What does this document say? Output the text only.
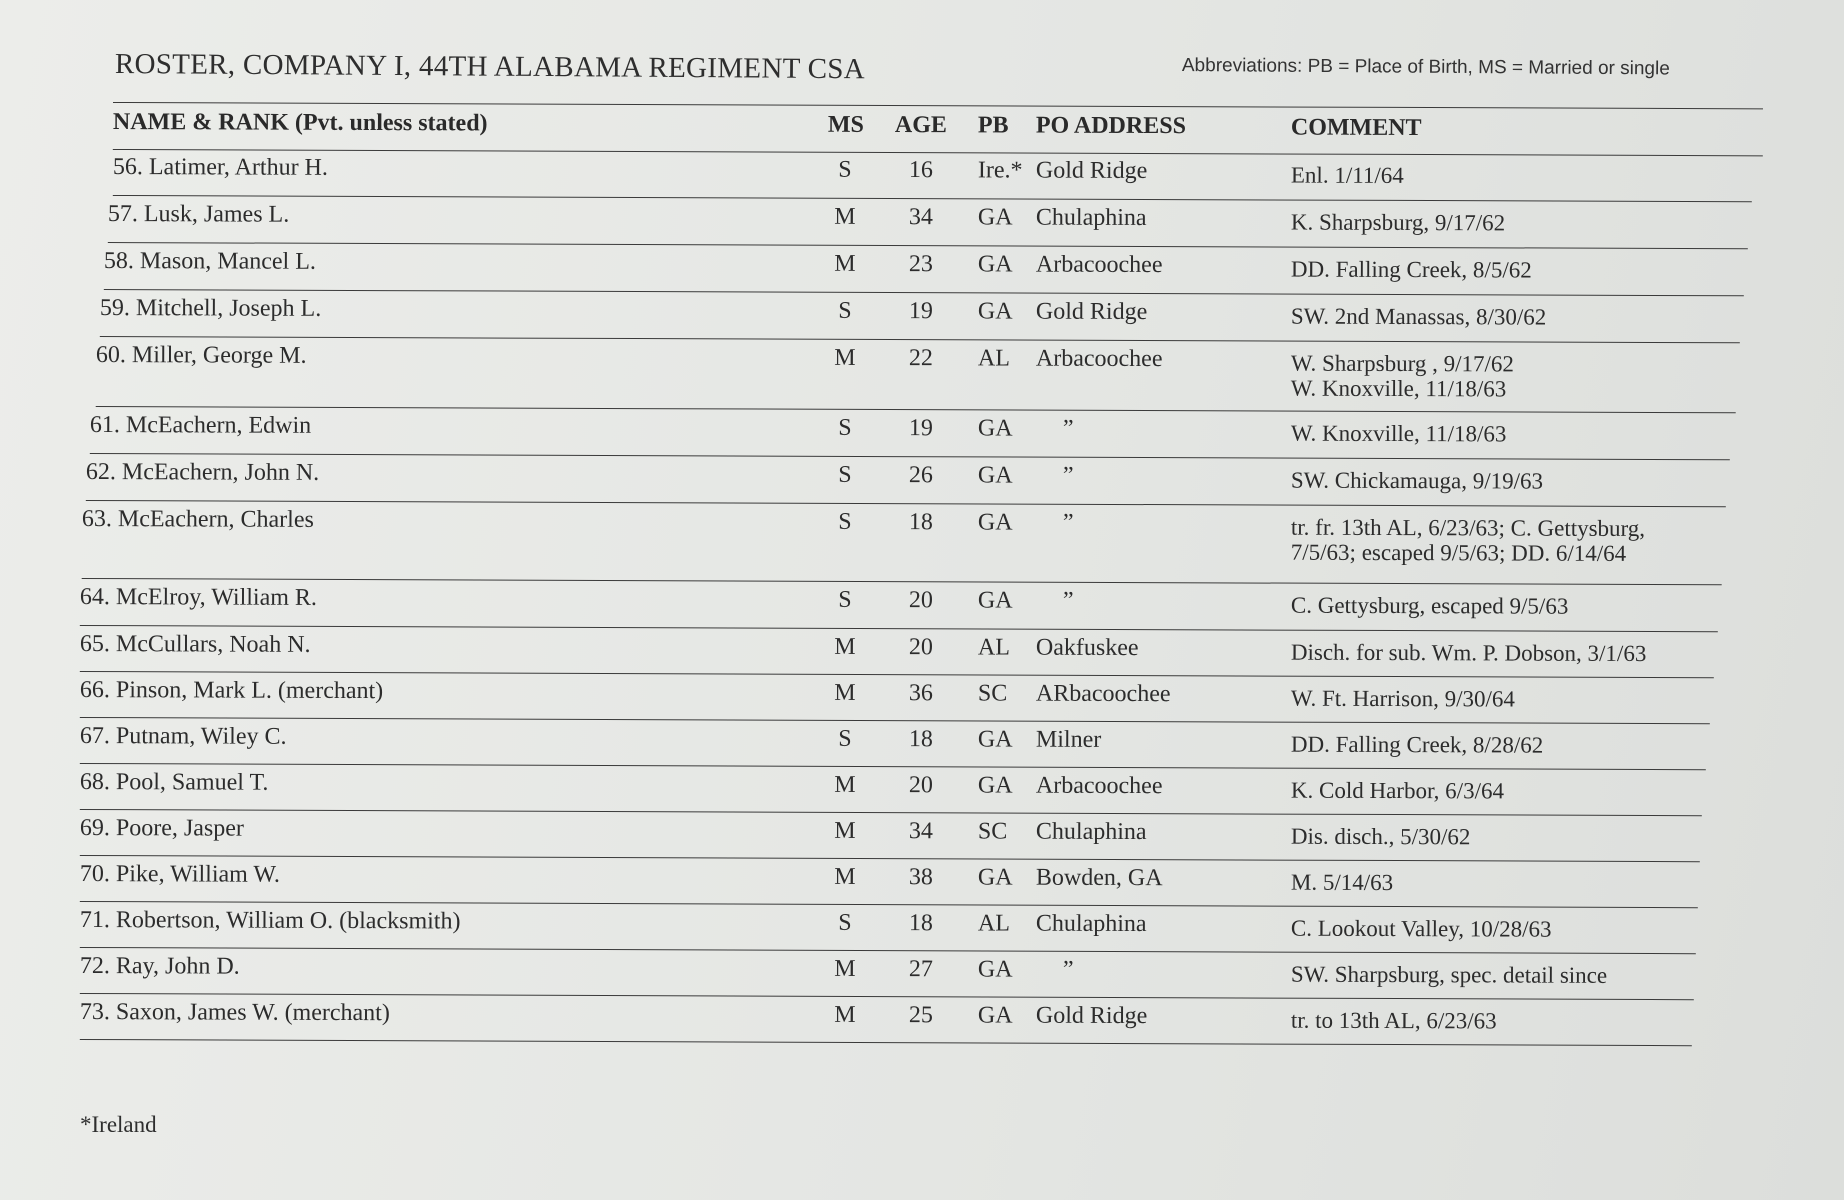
ROSTER, COMPANY I, 44TH ALABAMA REGIMENT CSA	Abbreviations: PB = Place of Birth, MS = Married or single
NAME & RANK (Pvt. unless stated)	MS AGE PB PO ADDRESS	COMMENT
56. Latimer, Arthur H.	S	16	Ire.* Gold Ridge	Enl. 1/11/64
57. Lusk, James L.	M	34	GA Chulaphina	K. Sharpsburg, 9/17/62
58. Mason, Mancel L.	M	23	GA Arbacoochee	DD. Falling Creek, 8/5/62
59. Mitchell, Joseph L.	S	19	GA Gold Ridge	SW. 2nd Manassas, 8/30/62
60. Miller, George M.	M	22	AL Arbacoochee	W. Sharpsburg , 9/17/62
W. Knoxville, 11/18/63
61. McEachern, Edwin	S	19	GA ”	W. Knoxville, 11/18/63
62. McEachern, John N.	S	26	GA ”	SW. Chickamauga, 9/19/63
63. McEachern, Charles	S	18	GA ”	tr. fr. 13th AL, 6/23/63; C. Gettysburg,
7/5/63; escaped 9/5/63; DD. 6/14/64
64. McElroy, William R.	S	20	GA ”	C. Gettysburg, escaped 9/5/63
65. McCullars, Noah N.	M	20	AL Oakfuskee	Disch. for sub. Wm. P. Dobson, 3/1/63
66. Pinson, Mark L. (merchant)	M	36	SC ARbacoochee	W. Ft. Harrison, 9/30/64
67. Putnam, Wiley C.	S	18	GA Milner	DD. Falling Creek, 8/28/62
68. Pool, Samuel T.	M	20	GA Arbacoochee	K. Cold Harbor, 6/3/64
69. Poore, Jasper	M	34	SC Chulaphina	Dis. disch., 5/30/62
70. Pike, William W.	M	38	GA Bowden, GA	M. 5/14/63
71. Robertson, William O. (blacksmith)	S	18	AL Chulaphina	C. Lookout Valley, 10/28/63
72. Ray, John D.	M	27	GA ”	SW. Sharpsburg, spec. detail since
73. Saxon, James W. (merchant)	M	25	GA Gold Ridge	tr. to 13th AL, 6/23/63
*Ireland
